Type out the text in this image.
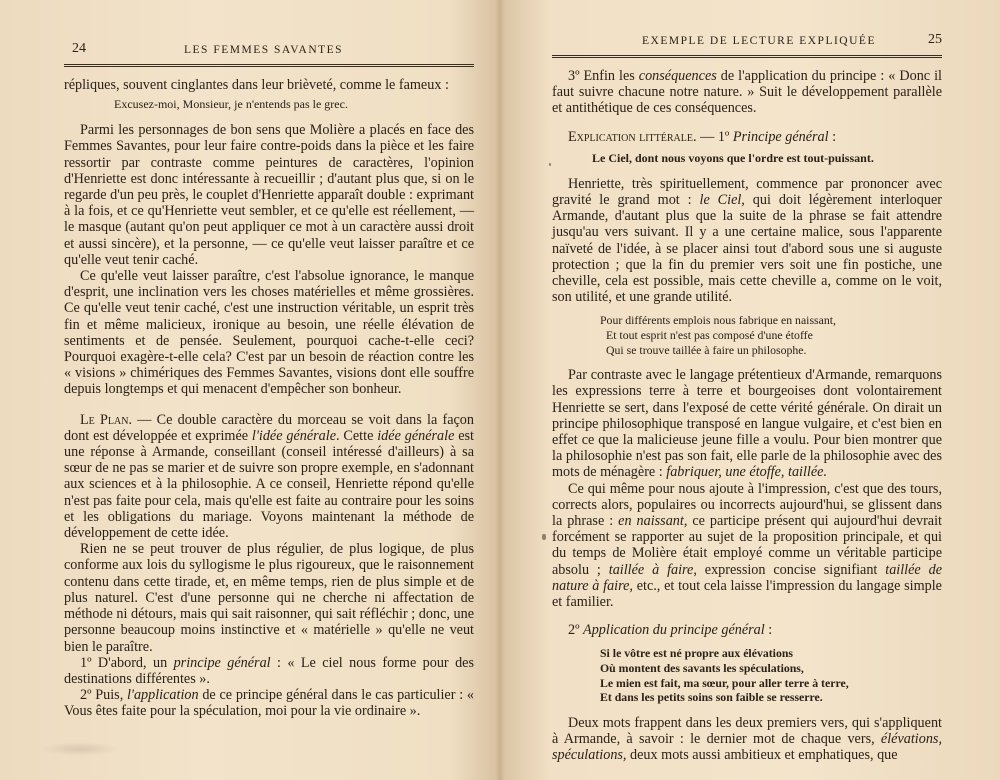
24	LES FEMMES SAVANTES

répliques, souvent cinglantes dans leur brièveté, comme le fameux :

Excusez-moi, Monsieur, je n'entends pas le grec.

Parmi les personnages de bon sens que Molière a placés en face des Femmes Savantes, pour leur faire contre-poids dans la pièce et les faire ressortir par contraste comme peintures de caractères, l'opinion d'Henriette est donc intéressante à recueillir ; d'autant plus que, si on le regarde d'un peu près, le couplet d'Henriette apparaît double : exprimant à la fois, et ce qu'Henriette veut sembler, et ce qu'elle est réellement, — le masque (autant qu'on peut appliquer ce mot à un caractère aussi droit et aussi sincère), et la personne, — ce qu'elle veut laisser paraître et ce qu'elle veut tenir caché.

Ce qu'elle veut laisser paraître, c'est l'absolue ignorance, le manque d'esprit, une inclination vers les choses matérielles et même grossières. Ce qu'elle veut tenir caché, c'est une instruction véritable, un esprit très fin et même malicieux, ironique au besoin, une réelle élévation de sentiments et de pensée. Seulement, pourquoi cache-t-elle ceci? Pourquoi exagère-t-elle cela? C'est par un besoin de réaction contre les « visions » chimériques des Femmes Savantes, visions dont elle souffre depuis longtemps et qui menacent d'empêcher son bonheur.

Le Plan. — Ce double caractère du morceau se voit dans la façon dont est développée et exprimée l'idée générale. Cette idée générale est une réponse à Armande, conseillant (conseil intéressé d'ailleurs) à sa sœur de ne pas se marier et de suivre son propre exemple, en s'adonnant aux sciences et à la philosophie. A ce conseil, Henriette répond qu'elle n'est pas faite pour cela, mais qu'elle est faite au contraire pour les soins et les obligations du mariage. Voyons maintenant la méthode de développement de cette idée.

Rien ne se peut trouver de plus régulier, de plus logique, de plus conforme aux lois du syllogisme le plus rigoureux, que le raisonnement contenu dans cette tirade, et, en même temps, rien de plus simple et de plus naturel. C'est d'une personne qui ne cherche ni affectation de méthode ni détours, mais qui sait raisonner, qui sait réfléchir ; donc, une personne beaucoup moins instinctive et « matérielle » qu'elle ne veut bien le paraître.

1º D'abord, un principe général : « Le ciel nous forme pour des destinations différentes ».

2º Puis, l'application de ce principe général dans le cas particulier : « Vous êtes faite pour la spéculation, moi pour la vie ordinaire ».

EXEMPLE DE LECTURE EXPLIQUÉE	25

3º Enfin les conséquences de l'application du principe : « Donc il faut suivre chacune notre nature. » Suit le développement parallèle et antithétique de ces conséquences.

Explication littérale. — 1º Principe général :

Le Ciel, dont nous voyons que l'ordre est tout-puissant.

Henriette, très spirituellement, commence par prononcer avec gravité le grand mot : le Ciel, qui doit légèrement interloquer Armande, d'autant plus que la suite de la phrase se fait attendre jusqu'au vers suivant. Il y a une certaine malice, sous l'apparente naïveté de l'idée, à se placer ainsi tout d'abord sous une si auguste protection ; que la fin du premier vers soit une fin postiche, une cheville, cela est possible, mais cette cheville a, comme on le voit, son utilité, et une grande utilité.

Pour différents emplois nous fabrique en naissant,
Et tout esprit n'est pas composé d'une étoffe
Qui se trouve taillée à faire un philosophe.

Par contraste avec le langage prétentieux d'Armande, remarquons les expressions terre à terre et bourgeoises dont volontairement Henriette se sert, dans l'exposé de cette vérité générale. On dirait un principe philosophique transposé en langue vulgaire, et c'est bien en effet ce que la malicieuse jeune fille a voulu. Pour bien montrer que la philosophie n'est pas son fait, elle parle de la philosophie avec des mots de ménagère : fabriquer, une étoffe, taillée.

Ce qui même pour nous ajoute à l'impression, c'est que des tours, corrects alors, populaires ou incorrects aujourd'hui, se glissent dans la phrase : en naissant, ce participe présent qui aujourd'hui devrait forcément se rapporter au sujet de la proposition principale, et qui du temps de Molière était employé comme un véritable participe absolu ; taillée à faire, expression concise signifiant taillée de nature à faire, etc., et tout cela laisse l'impression du langage simple et familier.

2º Application du principe général :

Si le vôtre est né propre aux élévations
Où montent des savants les spéculations,
Le mien est fait, ma sœur, pour aller terre à terre,
Et dans les petits soins son faible se resserre.

Deux mots frappent dans les deux premiers vers, qui s'appliquent à Armande, à savoir : le dernier mot de chaque vers, élévations, spéculations, deux mots aussi ambitieux et emphatiques, que
